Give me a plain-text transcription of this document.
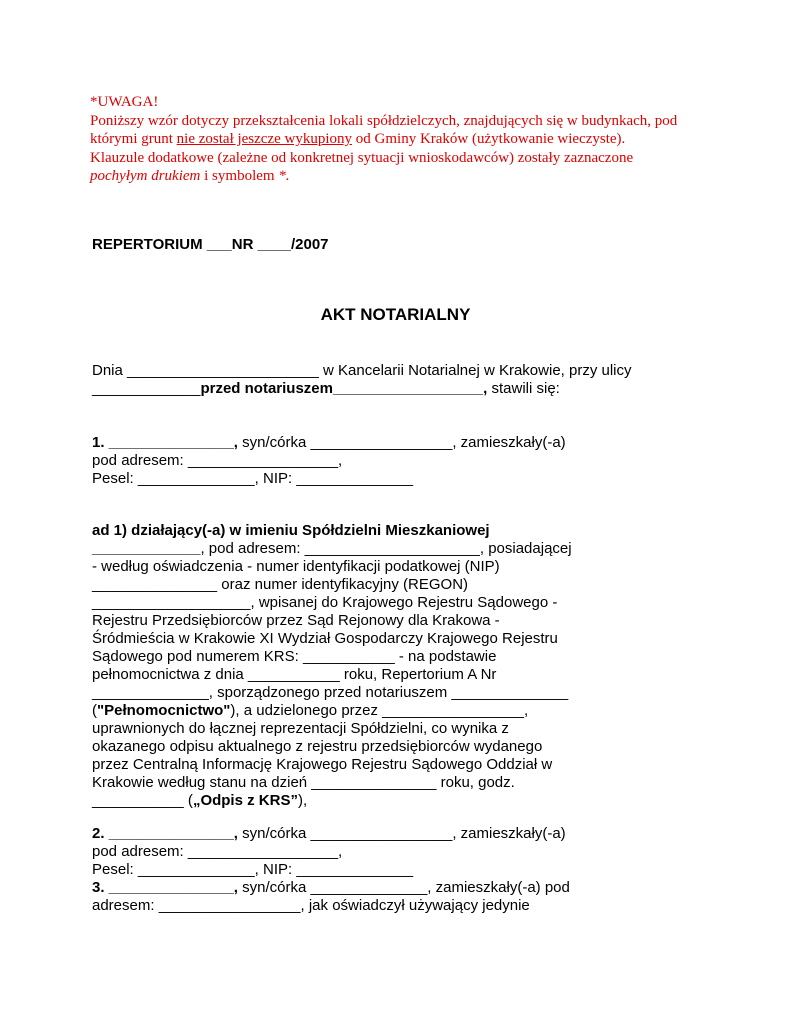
*UWAGA!
Poniższy wzór dotyczy przekształcenia lokali spółdzielczych, znajdujących się w budynkach, pod
którymi grunt nie został jeszcze wykupiony od Gminy Kraków (użytkowanie wieczyste).
Klauzule dodatkowe (zależne od konkretnej sytuacji wnioskodawców) zostały zaznaczone
pochyłym drukiem i symbolem *.
REPERTORIUM ___NR ____/2007
AKT NOTARIALNY
Dnia _______________________ w Kancelarii Notarialnej w Krakowie, przy ulicy
_____________przed notariuszem__________________, stawili się:
1. _______________, syn/córka _________________, zamieszkały(-a)
pod adresem: __________________,
Pesel: ______________, NIP: ______________
ad 1) działający(-a) w imieniu Spółdzielni Mieszkaniowej
_____________, pod adresem: _____________________, posiadającej
- według oświadczenia - numer identyfikacji podatkowej (NIP)
_______________ oraz numer identyfikacyjny (REGON)
___________________, wpisanej do Krajowego Rejestru Sądowego -
Rejestru Przedsiębiorców przez Sąd Rejonowy dla Krakowa -
Śródmieścia w Krakowie XI Wydział Gospodarczy Krajowego Rejestru
Sądowego pod numerem KRS: ___________ - na podstawie
pełnomocnictwa z dnia ___________ roku, Repertorium A Nr
______________, sporządzonego przed notariuszem ______________
("Pełnomocnictwo"), a udzielonego przez _________________,
uprawnionych do łącznej reprezentacji Spółdzielni, co wynika z
okazanego odpisu aktualnego z rejestru przedsiębiorców wydanego
przez Centralną Informację Krajowego Rejestru Sądowego Oddział w
Krakowie według stanu na dzień _______________ roku, godz.
___________ („Odpis z KRS”),
2. _______________, syn/córka _________________, zamieszkały(-a)
pod adresem: __________________,
Pesel: ______________, NIP: ______________
3. _______________, syn/córka ______________, zamieszkały(-a) pod
adresem: _________________, jak oświadczył używający jedynie
